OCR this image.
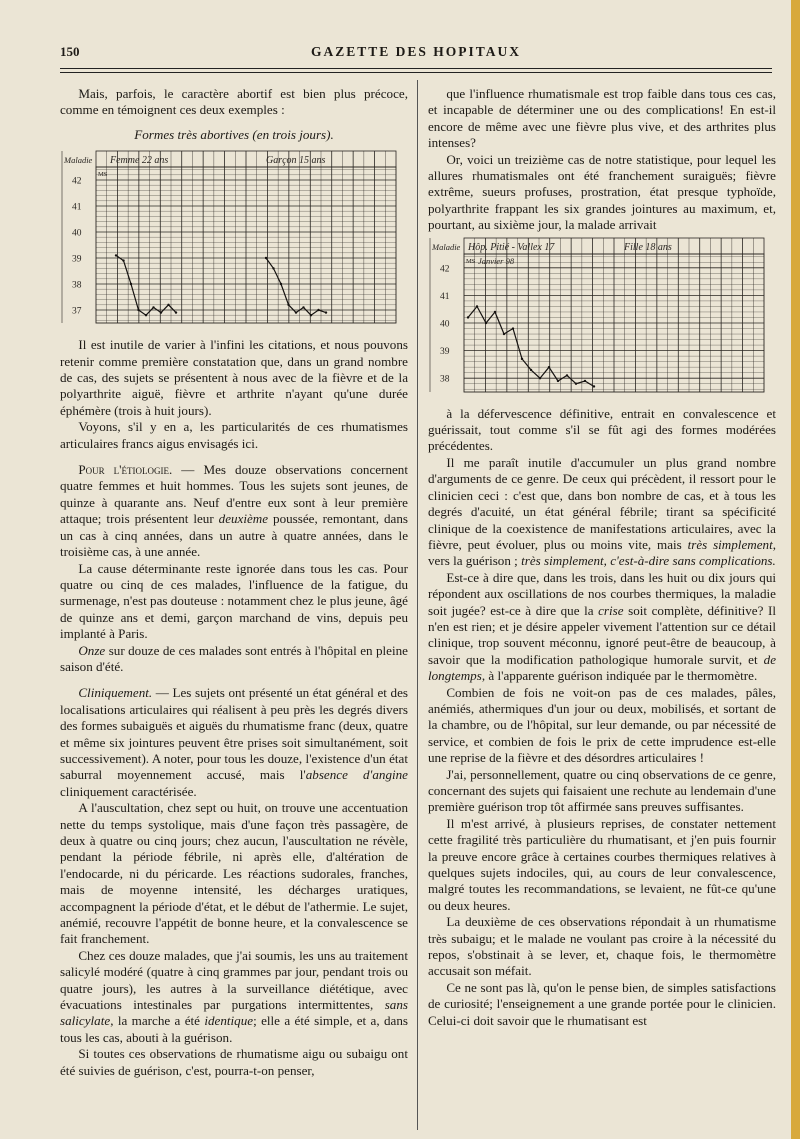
150	GAZETTE DES HOPITAUX

Mais, parfois, le caractère abortif est bien plus précoce, comme en témoignent ces deux exemples :

Formes très abortives (en trois jours).
Maladie
42
41
40
39
38
37
M S
Femme 22 ans	Garçon 15 ans

Il est inutile de varier à l'infini les citations, et nous pouvons retenir comme première constatation que, dans un grand nombre de cas, des sujets se présentent à nous avec de la fièvre et de la polyarthrite aiguë, fièvre et arthrite n'ayant qu'une durée éphémère (trois à huit jours).

Voyons, s'il y en a, les particularités de ces rhumatismes articulaires francs aigus envisagés ici.

Pour l'étiologie. — Mes douze observations concernent quatre femmes et huit hommes. Tous les sujets sont jeunes, de quinze à quarante ans. Neuf d'entre eux sont à leur première attaque; trois présentent leur deuxième poussée, remontant, dans un cas à cinq années, dans un autre à quatre années, dans le troisième cas, à une année.

La cause déterminante reste ignorée dans tous les cas. Pour quatre ou cinq de ces malades, l'influence de la fatigue, du surmenage, n'est pas douteuse : notamment chez le plus jeune, âgé de quinze ans et demi, garçon marchand de vins, depuis peu implanté à Paris.

Onze sur douze de ces malades sont entrés à l'hôpital en pleine saison d'été.

Cliniquement. — Les sujets ont présenté un état général et des localisations articulaires qui réalisent à peu près les degrés divers des formes subaiguës et aiguës du rhumatisme franc (deux, quatre et même six jointures peuvent être prises soit simultanément, soit successivement). A noter, pour tous les douze, l'existence d'un état saburral moyennement accusé, mais l'absence d'angine cliniquement caractérisée.

A l'auscultation, chez sept ou huit, on trouve une accentuation nette du temps systolique, mais d'une façon très passagère, de deux à quatre ou cinq jours; chez aucun, l'auscultation ne révèle, pendant la période fébrile, ni après elle, d'altération de l'endocarde, ni du péricarde. Les réactions sudorales, franches, mais de moyenne intensité, les décharges uratiques, accompagnent la période d'état, et le début de l'athermie. Le sujet, anémié, recouvre l'appétit de bonne heure, et la convalescence se fait franchement.

Chez ces douze malades, que j'ai soumis, les uns au traitement salicylé modéré (quatre à cinq grammes par jour, pendant trois ou quatre jours), les autres à la surveillance diététique, avec évacuations intestinales par purgations intermittentes, sans salicylate, la marche a été identique; elle a été simple, et a, dans tous les cas, abouti à la guérison.

Si toutes ces observations de rhumatisme aigu ou subaigu ont été suivies de guérison, c'est, pourra-t-on penser,

que l'influence rhumatismale est trop faible dans tous ces cas, et incapable de déterminer une ou des complications! En est-il encore de même avec une fièvre plus vive, et des arthrites plus intenses?

Or, voici un treizième cas de notre statistique, pour lequel les allures rhumatismales ont été franchement suraiguës; fièvre extrême, sueurs profuses, prostration, état presque typhoïde, polyarthrite frappant les six grandes jointures au maximum, et, pourtant, au sixième jour, la malade arrivait

Maladie
42
41
40
39
38
M S
Hôp. Pitié - Vallex 17	Fille 18 ans
Janvier 98

à la défervescence définitive, entrait en convalescence et guérissait, tout comme s'il se fût agi des formes modérées précédentes.

Il me paraît inutile d'accumuler un plus grand nombre d'arguments de ce genre. De ceux qui précèdent, il ressort pour le clinicien ceci : c'est que, dans bon nombre de cas, et à tous les degrés d'acuité, un état général fébrile; tirant sa spécificité clinique de la coexistence de manifestations articulaires, avec la fièvre, peut évoluer, plus ou moins vite, mais très simplement, vers la guérison ; très simplement, c'est-à-dire sans complications.

Est-ce à dire que, dans les trois, dans les huit ou dix jours qui répondent aux oscillations de nos courbes thermiques, la maladie soit jugée? est-ce à dire que la crise soit complète, définitive? Il n'en est rien; et je désire appeler vivement l'attention sur ce détail clinique, trop souvent méconnu, ignoré peut-être de beaucoup, à savoir que la modification pathologique humorale survit, et de longtemps, à l'apparente guérison indiquée par le thermomètre.

Combien de fois ne voit-on pas de ces malades, pâles, anémiés, athermiques d'un jour ou deux, mobilisés, et sortant de la chambre, ou de l'hôpital, sur leur demande, ou par nécessité de service, et combien de fois le prix de cette imprudence est-elle une reprise de la fièvre et des désordres articulaires !

J'ai, personnellement, quatre ou cinq observations de ce genre, concernant des sujets qui faisaient une rechute au lendemain d'une première guérison trop tôt affirmée sans preuves suffisantes.

Il m'est arrivé, à plusieurs reprises, de constater nettement cette fragilité très particulière du rhumatisant, et j'en puis fournir la preuve encore grâce à certaines courbes thermiques relatives à quelques sujets indociles, qui, au cours de leur convalescence, malgré toutes les recommandations, se levaient, ne fût-ce qu'une ou deux heures.

La deuxième de ces observations répondait à un rhumatisme très subaigu; et le malade ne voulant pas croire à la nécessité du repos, s'obstinait à se lever, et, chaque fois, le thermomètre accusait son méfait.

Ce ne sont pas là, qu'on le pense bien, de simples satisfactions de curiosité; l'enseignement a une grande portée pour le clinicien. Celui-ci doit savoir que le rhumatisant est
